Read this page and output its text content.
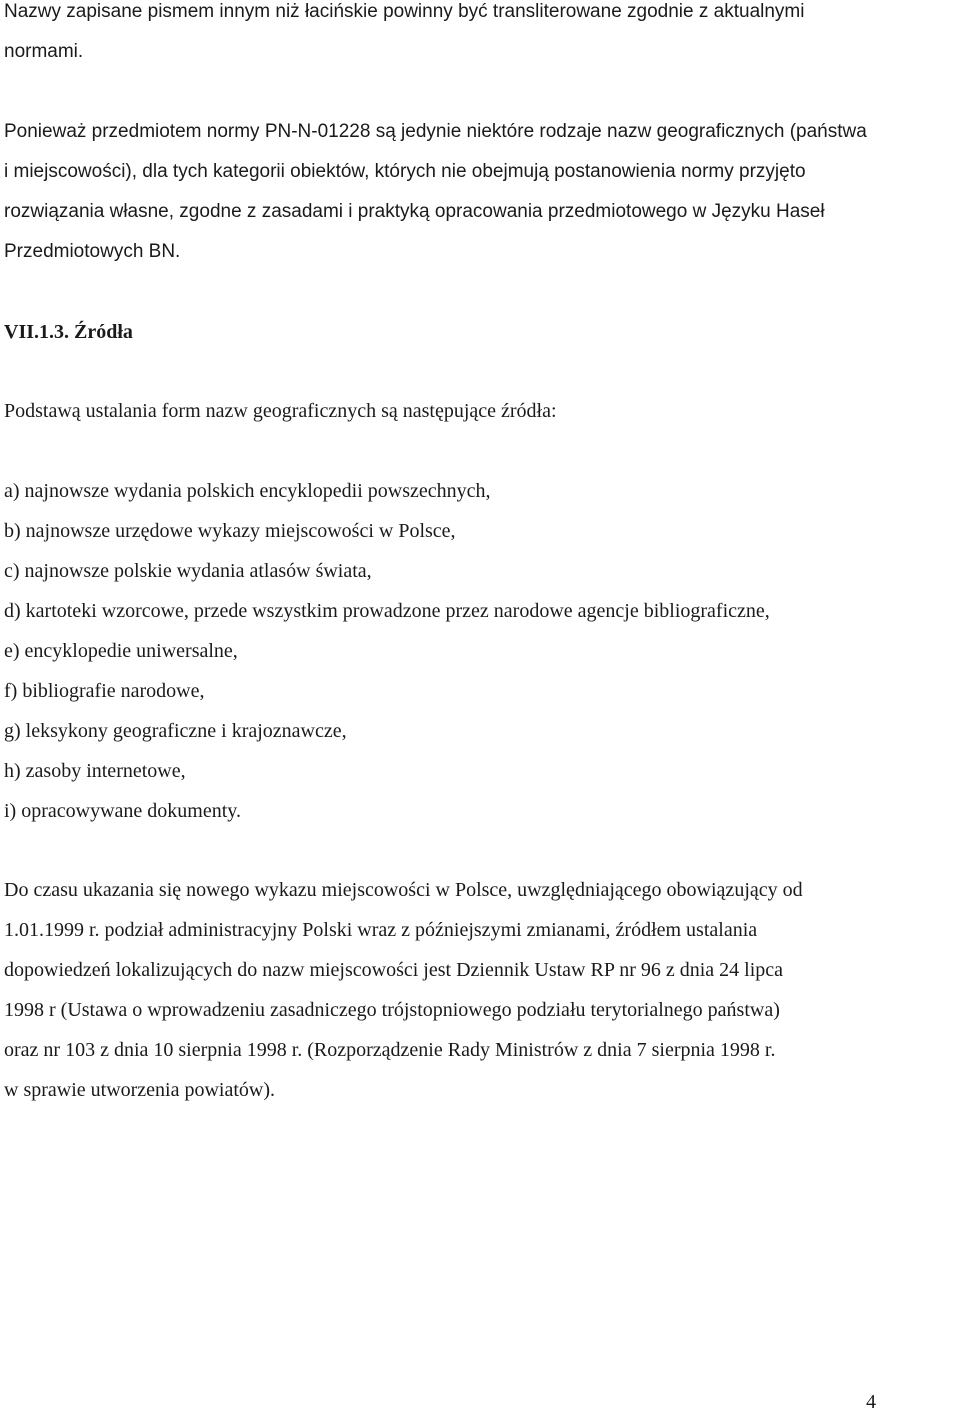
Nazwy zapisane pismem innym niż łacińskie powinny być transliterowane zgodnie z aktualnymi
normami.
Ponieważ przedmiotem normy PN-N-01228 są jedynie niektóre rodzaje nazw geograficznych (państwa
i miejscowości), dla tych kategorii obiektów, których nie obejmują postanowienia normy przyjęto
rozwiązania własne, zgodne z zasadami i praktyką opracowania przedmiotowego w Języku Haseł
Przedmiotowych BN.
VII.1.3. Źródła
Podstawą ustalania form nazw geograficznych są następujące źródła:
a) najnowsze wydania polskich encyklopedii powszechnych,
b) najnowsze urzędowe wykazy miejscowości w Polsce,
c) najnowsze polskie wydania atlasów świata,
d) kartoteki wzorcowe, przede wszystkim prowadzone przez narodowe agencje bibliograficzne,
e) encyklopedie uniwersalne,
f) bibliografie narodowe,
g) leksykony geograficzne i krajoznawcze,
h) zasoby internetowe,
i) opracowywane dokumenty.
Do czasu ukazania się nowego wykazu miejscowości w Polsce, uwzględniającego obowiązujący od
1.01.1999 r. podział administracyjny Polski wraz z późniejszymi zmianami, źródłem ustalania
dopowiedzeń lokalizujących do nazw miejscowości jest Dziennik Ustaw RP nr 96 z dnia 24 lipca
1998 r (Ustawa o wprowadzeniu zasadniczego trójstopniowego podziału terytorialnego państwa)
oraz nr 103 z dnia 10 sierpnia 1998 r. (Rozporządzenie Rady Ministrów z dnia 7 sierpnia 1998 r.
w sprawie utworzenia powiatów).
4
